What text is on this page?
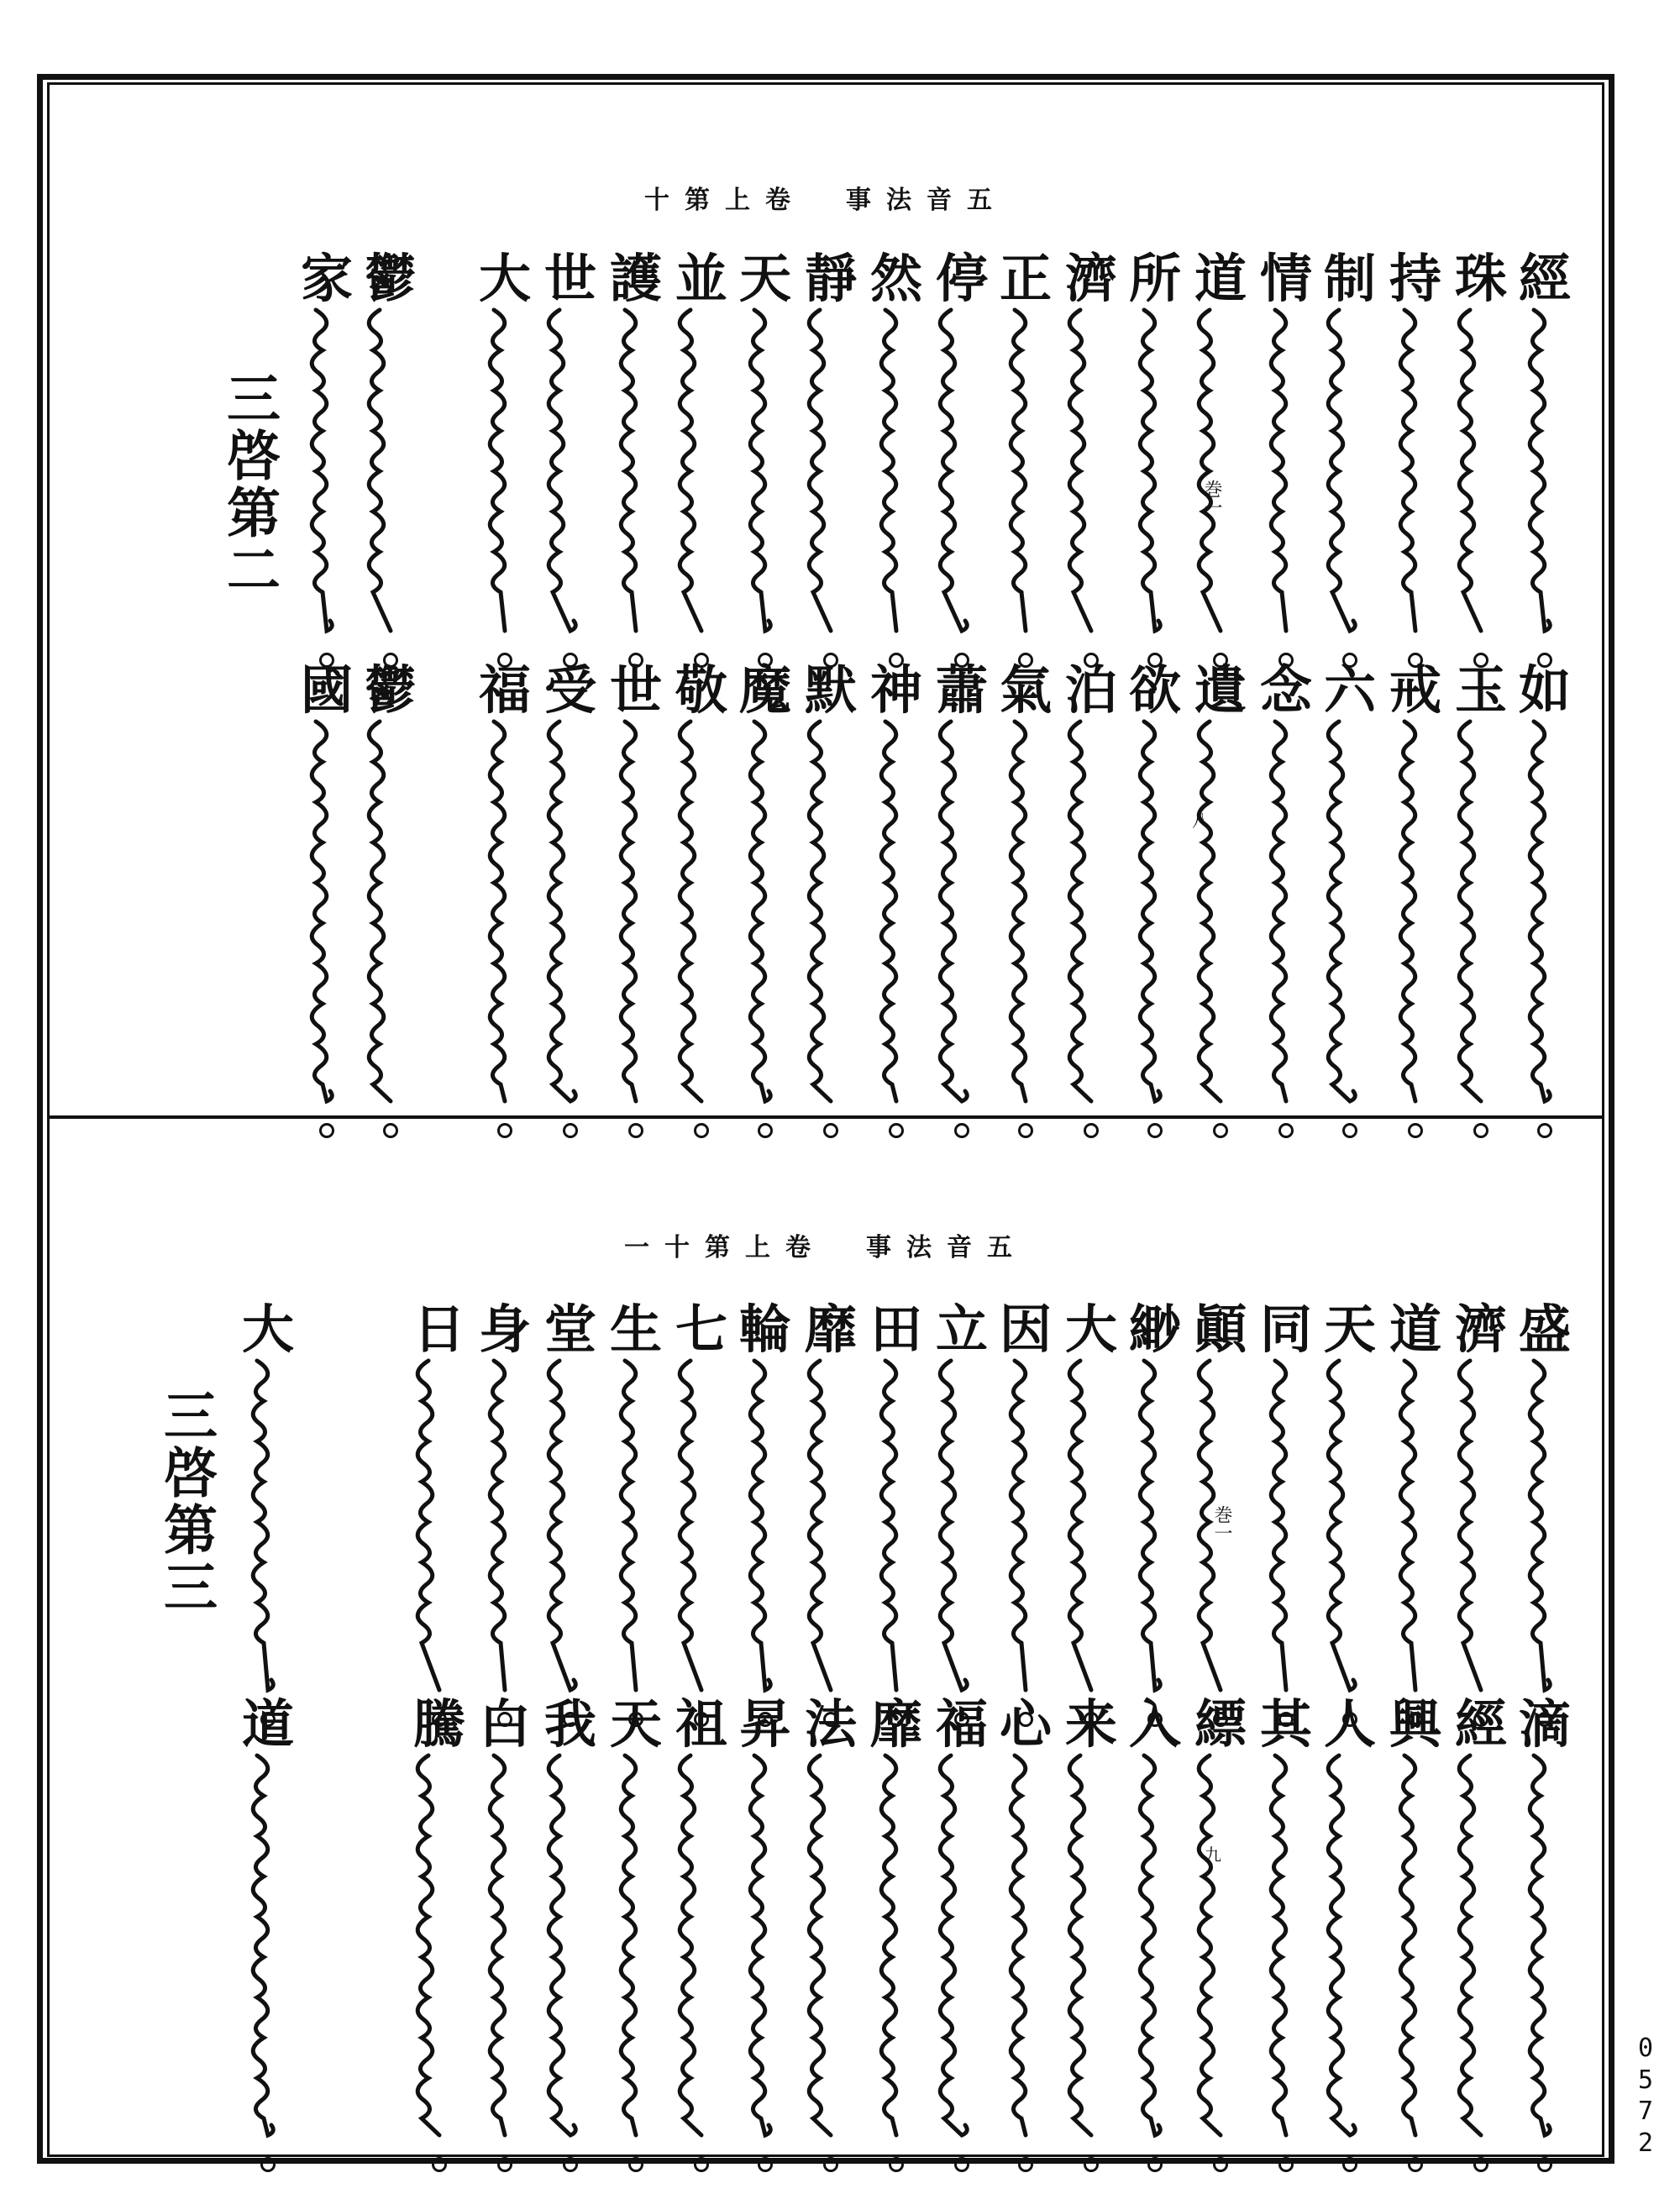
十第上卷　事法音五
三啓第二	巻一
八
經
珠
持
制
情
道
所
濟
正
停
然
靜
天
並
護
世
大
鬱
家
如
玉
戒
六
念
遺
欲
泊
氣
蕭
神
默
魔
敬
世
受
福
鬱
國
一十第上卷　事法音五
三啓第三	巻一
九
盛
濟
道
天
同
顚
緲
大
因
立
田
靡
輪
七
生
堂
身
日
大
滴
經
興
人
其
縹
入
来
心
福
靡
法
昇
祖
天
我
白
騰
道
0
5
7
2
